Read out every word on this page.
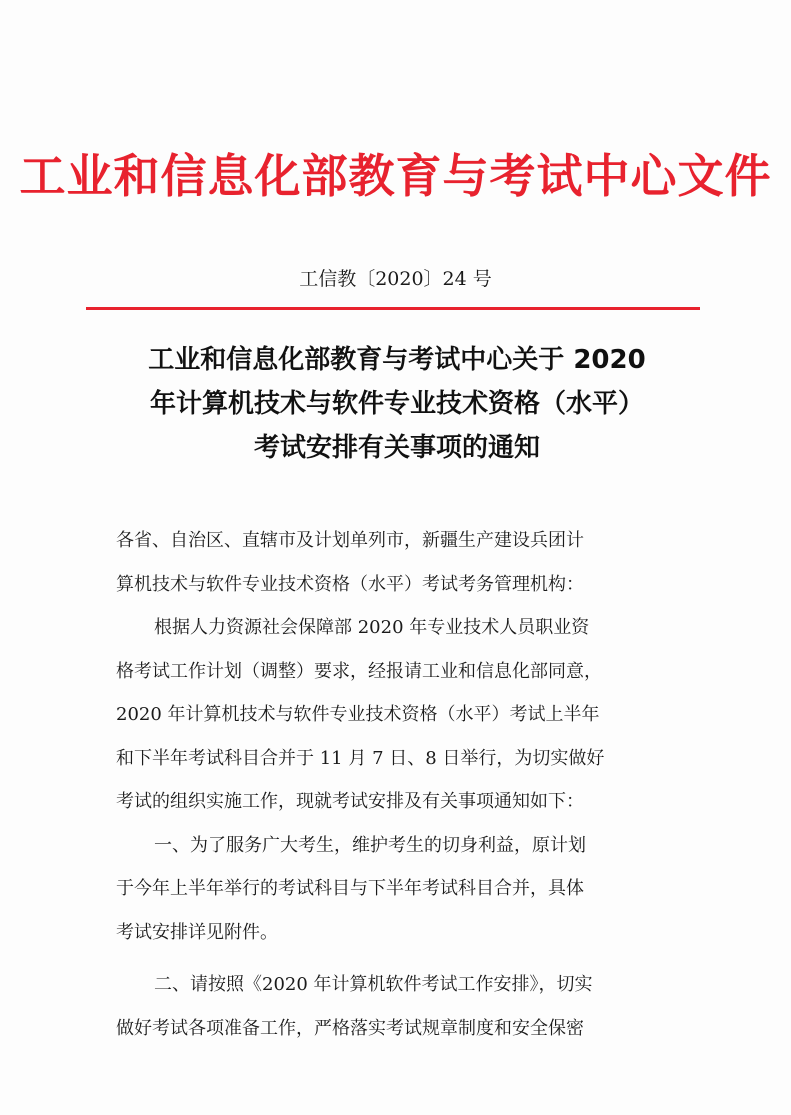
工业和信息化部教育与考试中心文件
工信教〔2020〕24 号
工业和信息化部教育与考试中心关于 2020
年计算机技术与软件专业技术资格（水平）
考试安排有关事项的通知
各省、自治区、直辖市及计划单列市，新疆生产建设兵团计
算机技术与软件专业技术资格（水平）考试考务管理机构：
根据人力资源社会保障部 2020 年专业技术人员职业资
格考试工作计划（调整）要求，经报请工业和信息化部同意，
2020 年计算机技术与软件专业技术资格（水平）考试上半年
和下半年考试科目合并于 11 月 7 日、8 日举行，为切实做好
考试的组织实施工作，现就考试安排及有关事项通知如下：
一、为了服务广大考生，维护考生的切身利益，原计划
于今年上半年举行的考试科目与下半年考试科目合并，具体
考试安排详见附件。
二、请按照《2020 年计算机软件考试工作安排》，切实
做好考试各项准备工作，严格落实考试规章制度和安全保密
